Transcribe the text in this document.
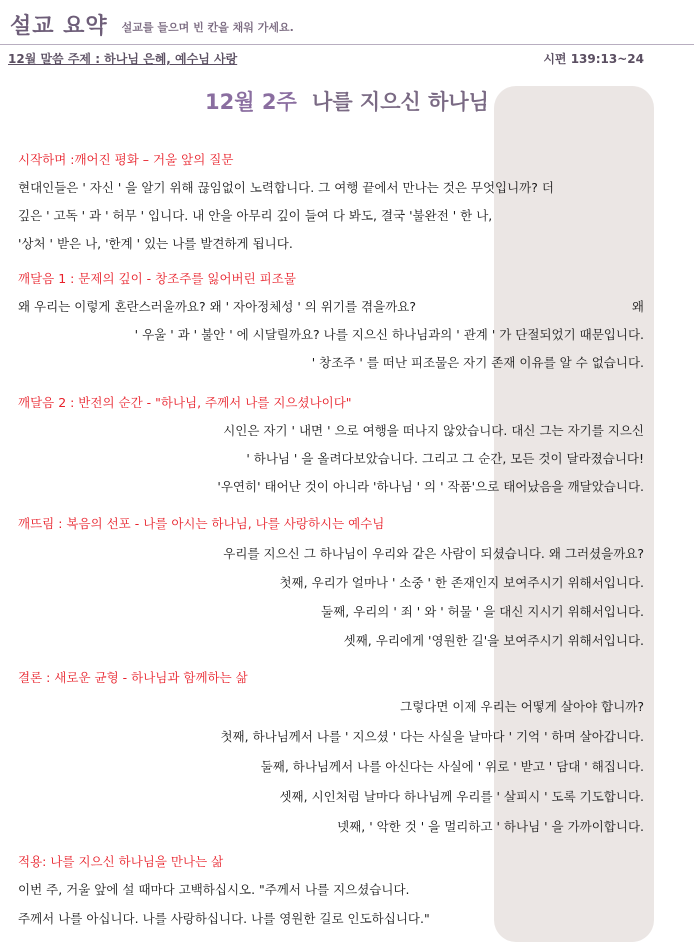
설교 요약 설교를 들으며 빈 칸을 채워 가세요.
12월 말씀 주제 : 하나님 은혜, 예수님 사랑	시편 139:13~24
12월 2주 나를 지으신 하나님
시작하며 :깨어진 평화 – 거울 앞의 질문
현대인들은 ' 자신 ' 을 알기 위해 끊임없이 노력합니다. 그 여행 끝에서 만나는 것은 무엇입니까? 더
깊은 ' 고독 ' 과 ' 허무 ' 입니다. 내 안을 아무리 깊이 들여 다 봐도, 결국 '불완전 ' 한 나,
'상처 ' 받은 나, '한계 ' 있는 나를 발견하게 됩니다.
깨달음 1 : 문제의 깊이 - 창조주를 잃어버린 피조물
왜 우리는 이렇게 혼란스러울까요? 왜 ' 자아정체성 ' 의 위기를 겪을까요?	왜
' 우울 ' 과 ' 불안 ' 에 시달릴까요? 나를 지으신 하나님과의 ' 관계 ' 가 단절되었기 때문입니다.
' 창조주 ' 를 떠난 피조물은 자기 존재 이유를 알 수 없습니다.
깨달음 2 : 반전의 순간 - "하나님, 주께서 나를 지으셨나이다"
시인은 자기 ' 내면 ' 으로 여행을 떠나지 않았습니다. 대신 그는 자기를 지으신
' 하나님 ' 을 올려다보았습니다. 그리고 그 순간, 모든 것이 달라졌습니다!
'우연히' 태어난 것이 아니라 '하나님 ' 의 ' 작품'으로 태어났음을 깨달았습니다.
깨뜨림 : 복음의 선포 - 나를 아시는 하나님, 나를 사랑하시는 예수님
우리를 지으신 그 하나님이 우리와 같은 사람이 되셨습니다. 왜 그러셨을까요?
첫째, 우리가 얼마나 ' 소중 ' 한 존재인지 보여주시기 위해서입니다.
둘째, 우리의 ' 죄 ' 와 ' 허물 ' 을 대신 지시기 위해서입니다.
셋째, 우리에게 '영원한 길'을 보여주시기 위해서입니다.
결론 : 새로운 균형 - 하나님과 함께하는 삶
그렇다면 이제 우리는 어떻게 살아야 합니까?
첫째, 하나님께서 나를 ' 지으셨 ' 다는 사실을 날마다 ' 기억 ' 하며 살아갑니다.
둘째, 하나님께서 나를 아신다는 사실에 ' 위로 ' 받고 ' 담대 ' 해집니다.
셋째, 시인처럼 날마다 하나님께 우리를 ' 살피시 ' 도록 기도합니다.
넷째, ' 악한 것 ' 을 멀리하고 ' 하나님 ' 을 가까이합니다.
적용: 나를 지으신 하나님을 만나는 삶
이번 주, 거울 앞에 설 때마다 고백하십시오. "주께서 나를 지으셨습니다.
주께서 나를 아십니다. 나를 사랑하십니다. 나를 영원한 길로 인도하십니다."
